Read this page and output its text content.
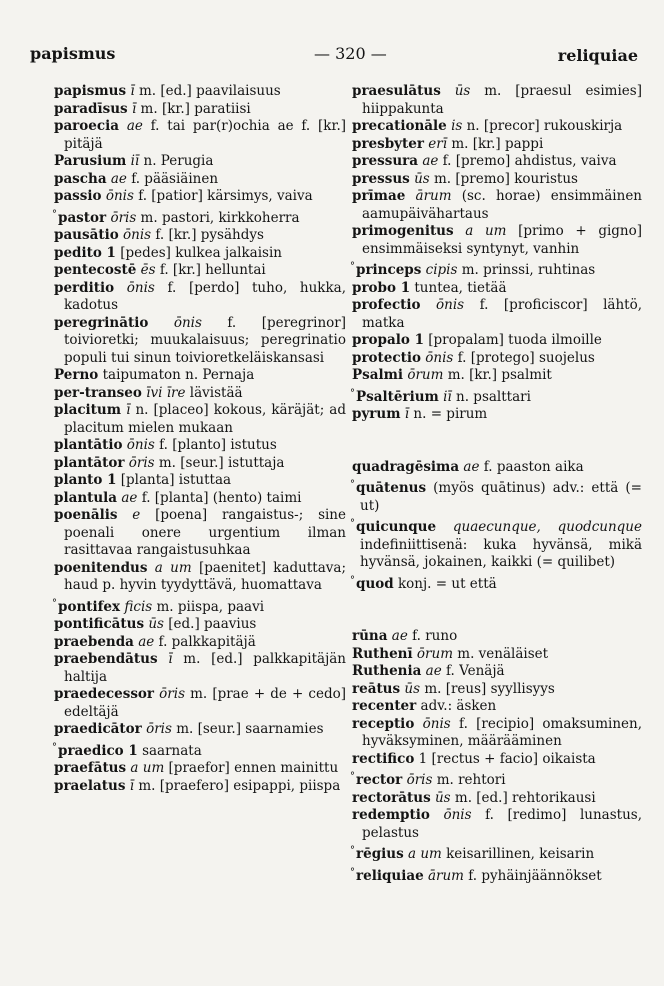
papismus	— 320 —	reliquiae
papismus ī m. [ed.] paavilaisuus
paradīsus ī m. [kr.] paratiisi
paroecia ae f. tai par(r)ochia ae f. [kr.] pitäjä
Parusium iī n. Perugia
pascha ae f. pääsiäinen
passio ōnis f. [patior] kärsimys, vaiva
°pastor ōris m. pastori, kirkkoherra
pausātio ōnis f. [kr.] pysähdys
pedito 1 [pedes] kulkea jalkaisin
pentecostē ēs f. [kr.] helluntai
perditio ōnis f. [perdo] tuho, hukka, kadotus
peregrinātio ōnis f. [peregrinor] toivioretki; muukalaisuus; peregrinatio populi tui sinun toivioretkeläiskansasi
Perno taipumaton n. Pernaja
per-transeo īvi īre lävistää
placitum ī n. [placeo] kokous, käräjät; ad placitum mielen mukaan
plantātio ōnis f. [planto] istutus
plantātor ōris m. [seur.] istuttaja
planto 1 [planta] istuttaa
plantula ae f. [planta] (hento) taimi
poenālis e [poena] rangaistus-; sine poenali onere urgentium ilman rasittavaa rangaistusuhkaa
poenitendus a um [paenitet] kaduttava; haud p. hyvin tyydyttävä, huomattava
°pontifex ficis m. piispa, paavi
pontificātus ūs [ed.] paavius
praebenda ae f. palkkapitäjä
praebendātus ī m. [ed.] palkkapitäjän haltija
praedecessor ōris m. [prae + de + cedo] edeltäjä
praedicātor ōris m. [seur.] saarnamies
°praedico 1 saarnata
praefātus a um [praefor] ennen mainittu
praelatus ī m. [praefero] esipappi, piispa
praesulātus ūs m. [praesul esimies] hiippakunta
precationāle is n. [precor] rukouskirja
presbyter erī m. [kr.] pappi
pressura ae f. [premo] ahdistus, vaiva
pressus ūs m. [premo] kouristus
prīmae ārum (sc. horae) ensimmäinen aamupäivähartaus
primogenitus a um [primo + gigno] ensimmäiseksi syntynyt, vanhin
°princeps cipis m. prinssi, ruhtinas
probo 1 tuntea, tietää
profectio ōnis f. [proficiscor] lähtö, matka
propalo 1 [propalam] tuoda ilmoille
protectio ōnis f. [protego] suojelus
Psalmi ōrum m. [kr.] psalmit
°Psaltērium iī n. psalttari
pyrum ī n. = pirum
quadragēsima ae f. paaston aika
°quātenus (myös quātinus) adv.: että (= ut)
°quicunque quaecunque, quodcunque indefiniittisenä: kuka hyvänsä, mikä hyvänsä, jokainen, kaikki (= quilibet)
°quod konj. = ut että
rūna ae f. runo
Ruthenī ōrum m. venäläiset
Ruthenia ae f. Venäjä
reātus ūs m. [reus] syyllisyys
recenter adv.: äsken
receptio ōnis f. [recipio] omaksuminen, hyväksyminen, määrääminen
rectifico 1 [rectus + facio] oikaista
°rector ōris m. rehtori
rectorātus ūs m. [ed.] rehtorikausi
redemptio ōnis f. [redimo] lunastus, pelastus
°rēgius a um keisarillinen, keisarin
°reliquiae ārum f. pyhäinjäännökset
